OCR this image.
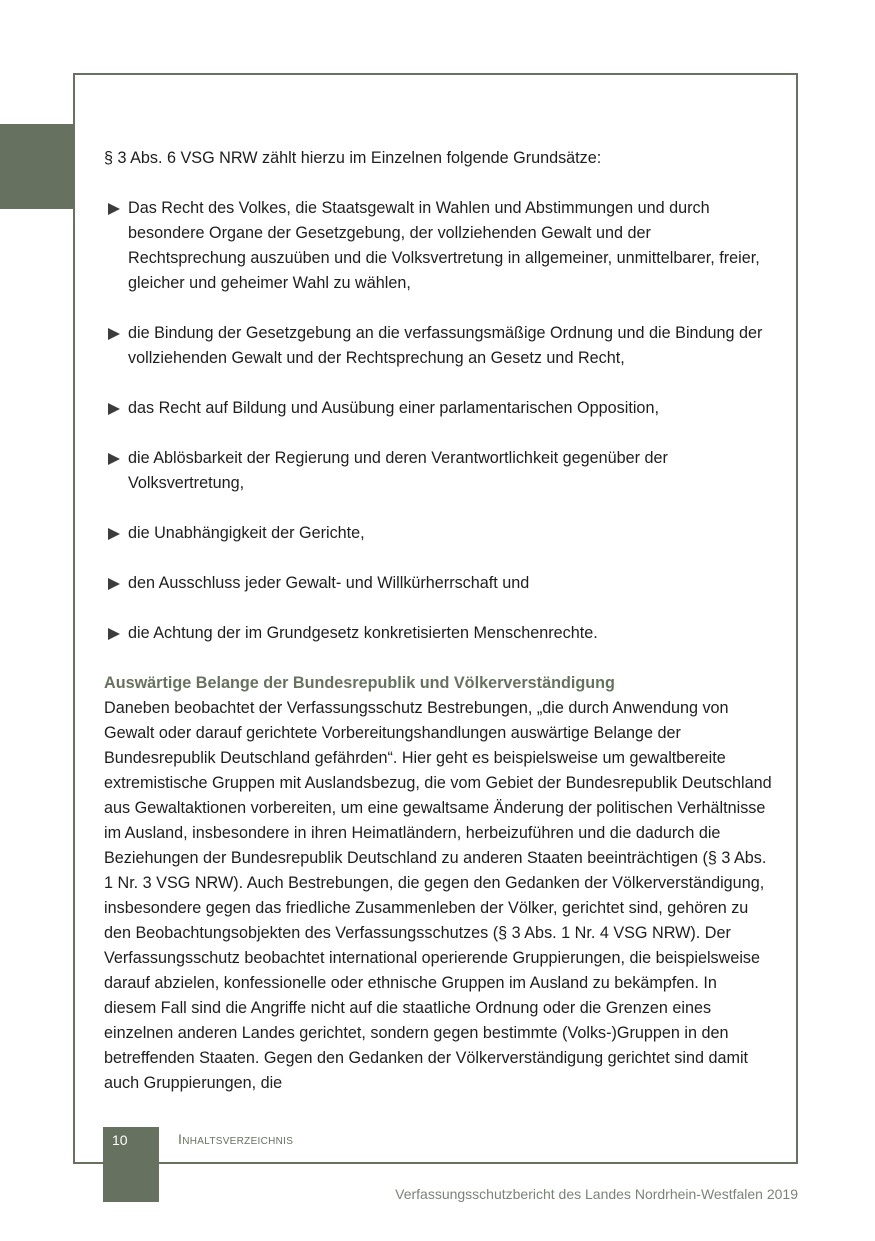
§ 3 Abs. 6 VSG NRW zählt hierzu im Einzelnen folgende Grundsätze:

Das Recht des Volkes, die Staatsgewalt in Wahlen und Abstimmungen und durch besondere Organe der Gesetzgebung, der vollziehenden Gewalt und der Rechtsprechung auszuüben und die Volksvertretung in allgemeiner, unmittelbarer, freier, gleicher und geheimer Wahl zu wählen,
die Bindung der Gesetzgebung an die verfassungsmäßige Ordnung und die Bindung der vollziehenden Gewalt und der Rechtsprechung an Gesetz und Recht,
das Recht auf Bildung und Ausübung einer parlamentarischen Opposition,
die Ablösbarkeit der Regierung und deren Verantwortlichkeit gegenüber der Volksvertretung,
die Unabhängigkeit der Gerichte,
den Ausschluss jeder Gewalt- und Willkürherrschaft und
die Achtung der im Grundgesetz konkretisierten Menschenrechte.
Auswärtige Belange der Bundesrepublik und Völkerverständigung

Daneben beobachtet der Verfassungsschutz Bestrebungen, „die durch Anwendung von Gewalt oder darauf gerichtete Vorbereitungshandlungen auswärtige Belange der Bundesrepublik Deutschland gefährden“. Hier geht es beispielsweise um gewaltbereite extremistische Gruppen mit Auslandsbezug, die vom Gebiet der Bundesrepublik Deutschland aus Gewaltaktionen vorbereiten, um eine gewaltsame Änderung der politischen Verhältnisse im Ausland, insbesondere in ihren Heimatländern, herbeizuführen und die dadurch die Beziehungen der Bundesrepublik Deutschland zu anderen Staaten beeinträchtigen (§ 3 Abs. 1 Nr. 3 VSG NRW). Auch Bestrebungen, die gegen den Gedanken der Völkerverständigung, insbesondere gegen das friedliche Zusammenleben der Völker, gerichtet sind, gehören zu den Beobachtungsobjekten des Verfassungsschutzes (§ 3 Abs. 1 Nr. 4 VSG NRW). Der Verfassungsschutz beobachtet international operierende Gruppierungen, die beispielsweise darauf abzielen, konfessionelle oder ethnische Gruppen im Ausland zu bekämpfen. In diesem Fall sind die Angriffe nicht auf die staatliche Ordnung oder die Grenzen eines einzelnen anderen Landes gerichtet, sondern gegen bestimmte (Volks-)Gruppen in den betreffenden Staaten. Gegen den Gedanken der Völkerverständigung gerichtet sind damit auch Gruppierungen, die

10	Inhaltsverzeichnis
Verfassungsschutzbericht des Landes Nordrhein-Westfalen 2019
